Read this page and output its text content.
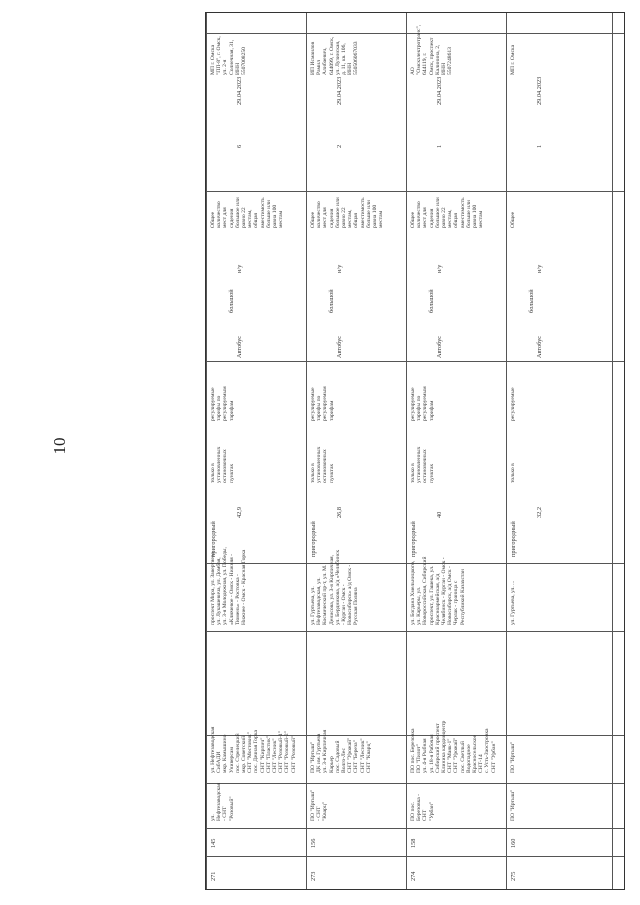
10
271
145
ул.
Нефтезаводская
- СНТ
"Розовый"
ул. Нефтезаводская
СибАДИ
мкр. Камышино
Универсам
пос. Стрелецкий
мкр. Советский
СНТ "Мостовик"
пос. Дачная Горка
СНТ "Кирпич"
СНТ "Пластик"
СНТ "Лесник"
СНТ "Розовый-1"
СНТ "Розовый-2"
СНТ "Розовый"
проспект Мира, ул. Завертяева,
ул. Лукашевича, ул. Домбая,
ул. 3-я Молодежная, ул. Победы,
«Ключевое - Омск - Нижняя -
Тюмень» - Ростовка -
Нижнее - Омск - Красная Горка
пригородный
42,9
только в
установленных
остановочных
пунктах
регулируемые
тарифы по
регулируемым
тарифам
Автобус
большой
н/у
Общее
количество
мест для
сидения
большое или
равно 22
местам,
общая
вместимость
больше или
равна 100
местам
6
29.04.2023
МП г. Омска
"ПП-8", г. Омск,
ул. 2-я
Солнечная, 31,
ИНН
5507008250
273
156
ПО "Иртыш"
- СНТ
"Кварц"
ПО "Иртыш"
ДК им. Гуртьева
ул. 3-я Кирпичная
Карьер
пос. Садовый
Волго-Лес
СНТ "Урожай"
СНТ "Береза"
СНТ "Лесник"
СНТ "Кварц"
ул. Гуртьева, ул.
Нефтезаводская, ул.
Космический пр-т, ул. М.
Денисова, ул. 3-я Кирпичная,
ул. Бердникова, а/д «Челябинск
- Курган - Омск -
Новосибирск» а/д Омск -
Русская Поляна
пригородный
26,8
только в
установленных
остановочных
пунктах
регулируемые
тарифы по
регулируемым
тарифам
Автобус
большой
н/у
Общее
количество
мест для
сидения
большое или
равно 22
местам,
общая
вместимость
больше или
равна 100
местам
2
29.04.2023
ИП Исмаилов
Рамил
Алибаевич,
644099, г. Омск,
ул. Лузинская,
д. 11, кв. 106,
ИНН
550506067033
274
158
ПО пос.
Березовка -
СНТ
"Урбан"
ПО пос. Березовка
ПО "Пилот"
ул. 4-я Рыбная
ул. 18-я Рабочая
Сибирский проспект
Клиника кардиоцентр
СНТ "Маяк-1"
СНТ "Урожай"
пос. Светлый
Водопадное
Красносельское
СНТ-14
с. Усть-Заостровка
СНТ "Урбан"
ул. Богдана Хмельницкого,
ул. Карьеры, ул.
Новороссийская, Сибирский
проспект, ул. Гашека, ул.
Красноармейская, а/д
Челябинск - Курган - Омск -
Новосибирск, а/д Омск -
Черлак - граница с
Республикой Казахстан
пригородный
40
только в
установленных
остановочных
пунктах
регулируемые
тарифы по
регулируемым
тарифам
Автобус
большой
н/у
Общее
количество
мест для
сидения
большое или
равно 22
местам,
общая
вместимость
больше или
равна 100
местам
1
29.04.2023
АО
"Омскэлектротранс",
644119, г.
Омск, проспект
Калинина, 2,
ИНН
5507248613
275
160
ПО "Иртыш"
ПО "Иртыш"
ул. Гуртьева, ул. ...
пригородный
32,2
только в
регулируемые
Автобус
большой
н/у
Общее
1
29.04.2023
МП г. Омска
